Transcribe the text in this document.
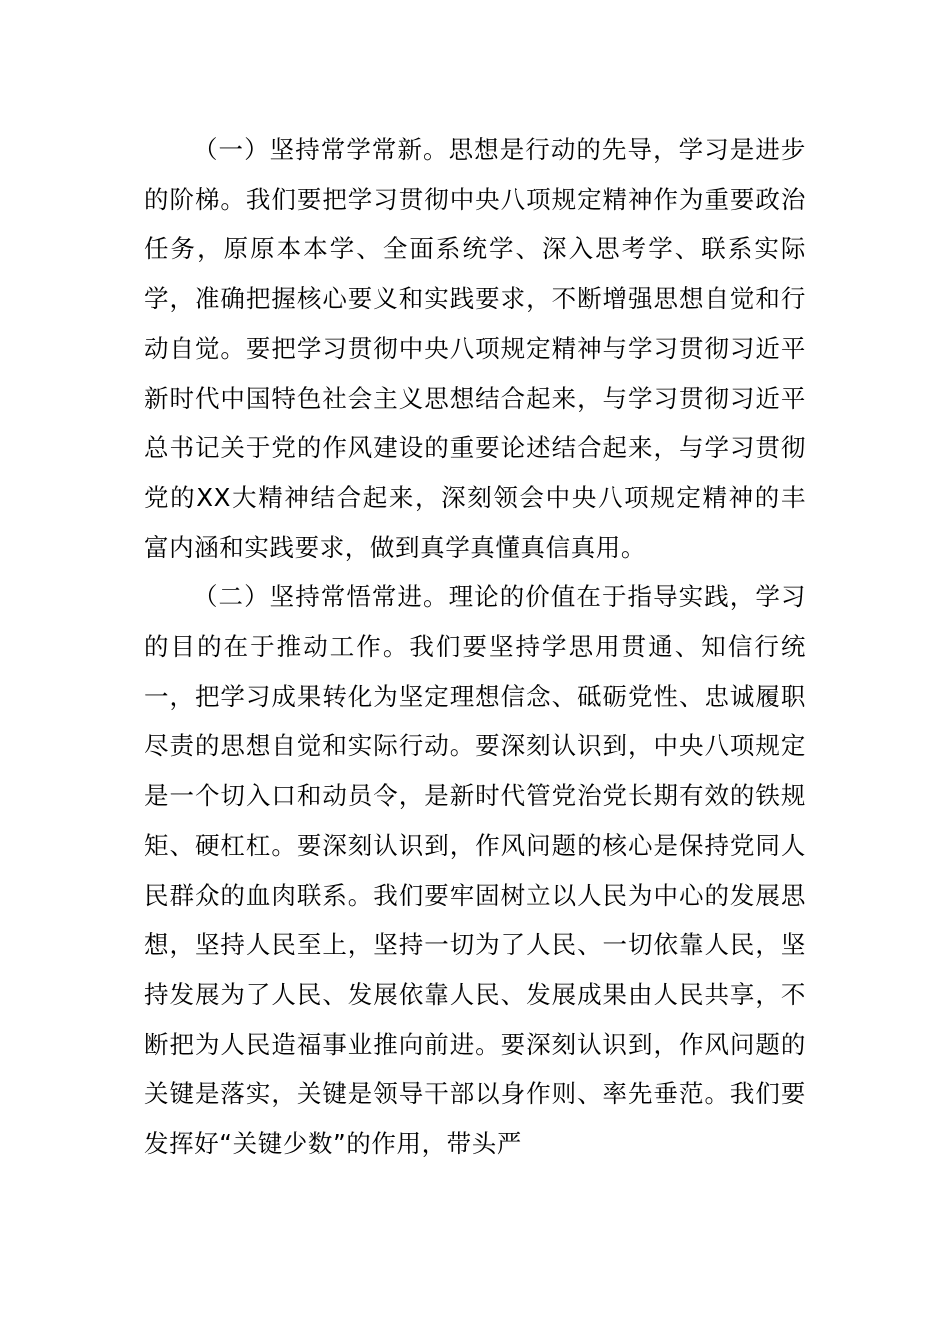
（一）坚持常学常新。思想是行动的先导，学习是进步的阶梯。我们要把学习贯彻中央八项规定精神作为重要政治任务，原原本本学、全面系统学、深入思考学、联系实际学，准确把握核心要义和实践要求，不断增强思想自觉和行动自觉。要把学习贯彻中央八项规定精神与学习贯彻习近平新时代中国特色社会主义思想结合起来，与学习贯彻习近平总书记关于党的作风建设的重要论述结合起来，与学习贯彻党的XX大精神结合起来，深刻领会中央八项规定精神的丰富内涵和实践要求，做到真学真懂真信真用。

（二）坚持常悟常进。理论的价值在于指导实践，学习的目的在于推动工作。我们要坚持学思用贯通、知信行统一，把学习成果转化为坚定理想信念、砥砺党性、忠诚履职尽责的思想自觉和实际行动。要深刻认识到，中央八项规定是一个切入口和动员令，是新时代管党治党长期有效的铁规矩、硬杠杠。要深刻认识到，作风问题的核心是保持党同人民群众的血肉联系。我们要牢固树立以人民为中心的发展思想，坚持人民至上，坚持一切为了人民、一切依靠人民，坚持发展为了人民、发展依靠人民、发展成果由人民共享，不断把为人民造福事业推向前进。要深刻认识到，作风问题的关键是落实，关键是领导干部以身作则、率先垂范。我们要发挥好“关键少数”的作用，带头严
